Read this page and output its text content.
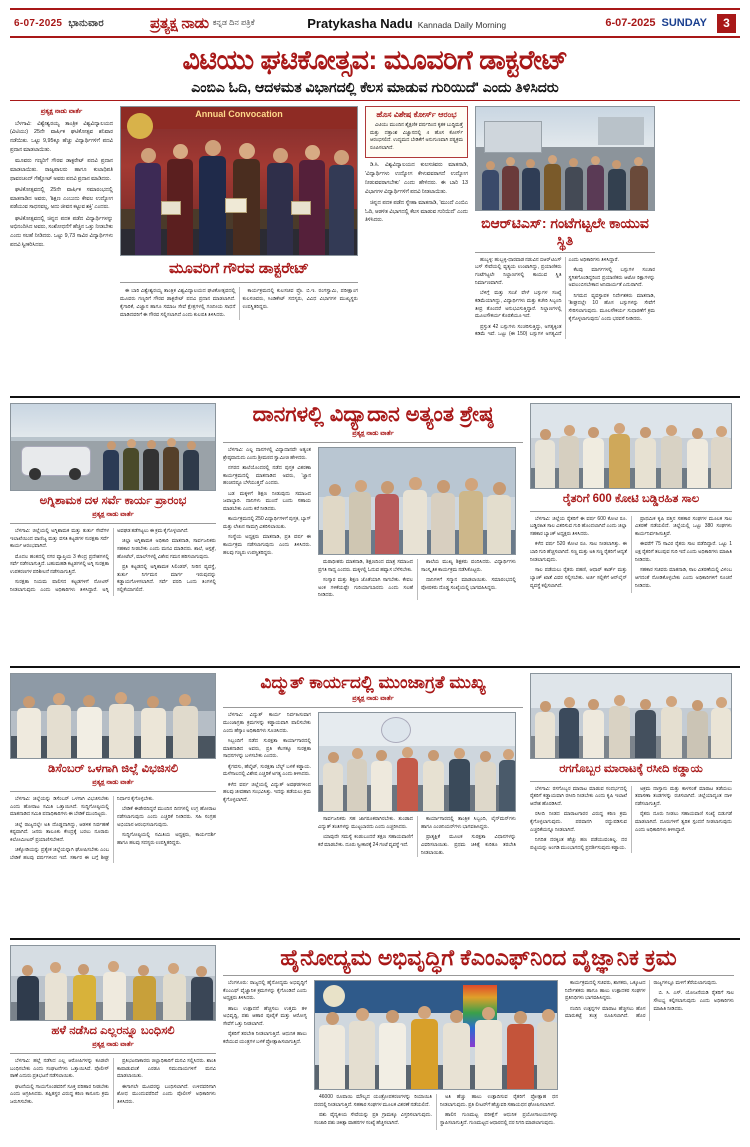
6-07-2025 ಭಾನುವಾರ	ಪ್ರತ್ಯಕ್ಷ ನಾಡು ಕನ್ನಡ ದಿನ ಪತ್ರಿಕೆ	Pratykasha Nadu Kannada Daily Morning	6-07-2025 SUNDAY	3
ವಿಟಿಯು ಘಟಿಕೋತ್ಸವ: ಮೂವರಿಗೆ ಡಾಕ್ಟರೇಟ್
ಎಂಬಿಎ ಓದಿ, ಆದಳಮತ ವಿಭಾಗದಲ್ಲಿ ಕೆಲಸ ಮಾಡುವ ಗುರಿಯಿದೆ' ಎಂದು ತಿಳಿಸಿದರು
ಪ್ರತ್ಯಕ್ಷ ನಾಡು ವಾರ್ತೆ

ಬೆಳಗಾವಿ: ವಿಶ್ವೇಶ್ವರಯ್ಯ ತಾಂತ್ರಿಕ ವಿಶ್ವವಿದ್ಯಾಲಯದ (ವಿಟಿಯು) 25ನೇ ವಾರ್ಷಿಕ ಘಟಿಕೋತ್ಸವ ಶನಿವಾರ ನಡೆಯಿತು. ಒಟ್ಟು 9,95ಕ್ಕೂ ಹೆಚ್ಚು ವಿದ್ಯಾರ್ಥಿಗಳಿಗೆ ಪದವಿ ಪ್ರದಾನ ಮಾಡಲಾಯಿತು.

ಮೂವರು ಗಣ್ಯರಿಗೆ ಗೌರವ ಡಾಕ್ಟರೇಟ್ ಪದವಿ ಪ್ರದಾನ ಮಾಡಲಾಯಿತು. ರಾಜ್ಯಪಾಲರು ಹಾಗೂ ಕುಲಾಧಿಪತಿ ಥಾವರಚಂದ್ ಗೆಹ್ಲೋಟ್ ಅವರು ಪದವಿ ಪ್ರದಾನ ಮಾಡಿದರು.

ಘಟಿಕೋತ್ಸವದಲ್ಲಿ 25ನೇ ವಾರ್ಷಿಕ ಸಮಾರಂಭದಲ್ಲಿ ಮಾತನಾಡಿದ ಅವರು, 'ಶಿಕ್ಷಣ ಎಂಬುದು ಕೇವಲ ಉದ್ಯೋಗ ಪಡೆಯುವ ಸಾಧನವಲ್ಲ, ಅದು ಜೀವನ ಕಟ್ಟುವ ಶಕ್ತಿ' ಎಂದರು.

ಘಟಿಕೋತ್ಸವದಲ್ಲಿ ಚಿನ್ನದ ಪದಕ ಪಡೆದ ವಿದ್ಯಾರ್ಥಿಗಳನ್ನು ಅಭಿನಂದಿಸಿದ ಅವರು, ಸಂಶೋಧನೆಗೆ ಹೆಚ್ಚಿನ ಒತ್ತು ನೀಡಬೇಕು ಎಂದು ಸಲಹೆ ನೀಡಿದರು. ಒಟ್ಟು 9,73 ಸಾವಿರ ವಿದ್ಯಾರ್ಥಿಗಳು ಪದವಿ ಸ್ವೀಕರಿಸಿದರು.

Annual Convocation
ಮೂವರಿಗೆ ಗೌರವ ಡಾಕ್ಟರೇಟ್

ಈ ಬಾರಿ ವಿಶ್ವೇಶ್ವರಯ್ಯ ತಾಂತ್ರಿಕ ವಿಶ್ವವಿದ್ಯಾಲಯದ ಘಟಿಕೋತ್ಸವದಲ್ಲಿ ಮೂವರು ಗಣ್ಯರಿಗೆ ಗೌರವ ಡಾಕ್ಟರೇಟ್ ಪದವಿ ಪ್ರದಾನ ಮಾಡಲಾಗಿದೆ. ಕೈಗಾರಿಕೆ, ವಿಜ್ಞಾನ ಹಾಗೂ ಸಮಾಜ ಸೇವೆ ಕ್ಷೇತ್ರಗಳಲ್ಲಿ ಗಣನೀಯ ಸಾಧನೆ ಮಾಡಿದವರಿಗೆ ಈ ಗೌರವ ಸಲ್ಲಿಸಲಾಗಿದೆ ಎಂದು ಕುಲಪತಿ ತಿಳಿಸಿದರು.

ಕಾರ್ಯಕ್ರಮದಲ್ಲಿ ಕುಲಸಚಿವ ಪ್ರೊ. ಬಿ.ಇ. ರಂಗಸ್ವಾಮಿ, ಪರೀಕ್ಷಾಂಗ ಕುಲಸಚಿವರು, ಸಿಂಡಿಕೇಟ್ ಸದಸ್ಯರು, ವಿವಿಧ ವಿಭಾಗಗಳ ಮುಖ್ಯಸ್ಥರು ಉಪಸ್ಥಿತರಿದ್ದರು.

ಹೊಸ ವಿಶೇಷ ಕೋರ್ಸ್ ಆರಂಭ

ವಿಟಿಯು ಮುಂದಿನ ಶೈಕ್ಷಣಿಕ ವರ್ಷದಿಂದ ಕೃತಕ ಬುದ್ಧಿಮತ್ತೆ ಮತ್ತು ದತ್ತಾಂಶ ವಿಜ್ಞಾನದಲ್ಲಿ 4 ಹೊಸ ಕೋರ್ಸ್ ಆರಂಭಿಸಲಿದೆ. ಉದ್ಯಮದ ಬೇಡಿಕೆಗೆ ಅನುಗುಣವಾಗಿ ಪಠ್ಯಕ್ರಮ ರೂಪಿಸಲಾಗಿದೆ.

ಡಿ.ಸಿ. ವಿಶ್ವವಿದ್ಯಾಲಯದ ಕುಲಸಚಿವರು ಮಾತನಾಡಿ, 'ವಿದ್ಯಾರ್ಥಿಗಳು ಉದ್ಯೋಗ ಕೇಳುವವರಾಗದೆ ಉದ್ಯೋಗ ನೀಡುವವರಾಗಬೇಕು' ಎಂದು ಹೇಳಿದರು. ಈ ಬಾರಿ 13 ವಿಭಾಗಗಳ ವಿದ್ಯಾರ್ಥಿಗಳಿಗೆ ಪದವಿ ನೀಡಲಾಯಿತು.

ಚಿನ್ನದ ಪದಕ ಪಡೆದ ಸ್ನೇಹಾ ಮಾತನಾಡಿ, 'ಮುಂದೆ ಎಂಬಿಎ ಓದಿ, ಆಡಳಿತ ವಿಭಾಗದಲ್ಲಿ ಕೆಲಸ ಮಾಡುವ ಗುರಿಯಿದೆ' ಎಂದು ತಿಳಿಸಿದರು.	ಬಿಆರ್‌ಟಿಎಸ್: ಗಂಟೆಗಟ್ಟಲೇ ಕಾಯುವ ಸ್ಥಿತಿ

ಹುಬ್ಬಳ್ಳಿ: ಹುಬ್ಬಳ್ಳಿ-ಧಾರವಾಡ ನಡುವಿನ ಬಿಆರ್‌ಟಿಎಸ್ ಬಸ್ ಸೇವೆಯಲ್ಲಿ ವ್ಯತ್ಯಯ ಉಂಟಾಗಿದ್ದು, ಪ್ರಯಾಣಿಕರು ಗಂಟೆಗಟ್ಟಲೇ ನಿಲ್ದಾಣಗಳಲ್ಲಿ ಕಾಯುವ ಸ್ಥಿತಿ ನಿರ್ಮಾಣವಾಗಿದೆ.

ಬೆಳಿಗ್ಗೆ ಮತ್ತು ಸಂಜೆ ವೇಳೆ ಬಸ್ಸುಗಳ ಸಂಖ್ಯೆ ಕಡಿಮೆಯಾಗಿದ್ದು, ವಿದ್ಯಾರ್ಥಿಗಳು ಮತ್ತು ಕಚೇರಿ ಸಿಬ್ಬಂದಿ ತೀವ್ರ ತೊಂದರೆ ಅನುಭವಿಸುತ್ತಿದ್ದಾರೆ. ನಿಲ್ದಾಣಗಳಲ್ಲಿ ಮೂಲಸೌಕರ್ಯ ಕೊರತೆಯೂ ಇದೆ.

ಪ್ರಸ್ತುತ 42 ಬಸ್ಸುಗಳು ಸಂಚರಿಸುತ್ತಿದ್ದು, ಅಗತ್ಯಕ್ಕಿಂತ ಕಡಿಮೆ ಇವೆ. ಒಟ್ಟು (ಈ 150) ಬಸ್ಸುಗಳ ಅಗತ್ಯವಿದೆ ಎಂದು ಅಧಿಕಾರಿಗಳು ತಿಳಿಸಿದ್ದಾರೆ.

ಕೆಲವು ಮಾರ್ಗಗಳಲ್ಲಿ ಬಸ್ಸುಗಳ ಸಂಚಾರ ಸ್ಥಗಿತಗೊಂಡಿದ್ದರಿಂದ ಪ್ರಯಾಣಿಕರು ಆಟೋ ರಿಕ್ಷಾಗಳನ್ನು ಅವಲಂಬಿಸಬೇಕಾದ ಅನಿವಾರ್ಯತೆ ಎದುರಾಗಿದೆ.

ನಿಗಮದ ವ್ಯವಸ್ಥಾಪಕ ನಿರ್ದೇಶಕರು ಮಾತನಾಡಿ, 'ಶೀಘ್ರದಲ್ಲೇ 10 ಹೊಸ ಬಸ್ಸುಗಳನ್ನು ಸೇವೆಗೆ ಸೇರಿಸಲಾಗುವುದು. ಮೂಲಸೌಕರ್ಯ ಸುಧಾರಣೆಗೆ ಕ್ರಮ ಕೈಗೊಳ್ಳಲಾಗುವುದು' ಎಂದು ಭರವಸೆ ನೀಡಿದರು.

ಅಗ್ನಿಶಾಮಕ ದಳ ಸರ್ವೆ ಕಾರ್ಯ ಪ್ರಾರಂಭ
ಪ್ರತ್ಯಕ್ಷ ನಾಡು ವಾರ್ತೆ

ಬೆಳಗಾವಿ: ಜಿಲ್ಲೆಯಲ್ಲಿ ಅಗ್ನಿಶಾಮಕ ಮತ್ತು ತುರ್ತು ಸೇವೆಗಳ ಇಲಾಖೆಯಿಂದ ವಾಣಿಜ್ಯ ಮತ್ತು ವಸತಿ ಕಟ್ಟಡಗಳ ಸುರಕ್ಷತಾ ಸರ್ವೆ ಕಾರ್ಯ ಆರಂಭವಾಗಿದೆ.

ಮೊದಲ ಹಂತದಲ್ಲಿ ನಗರ ವ್ಯಾಪ್ತಿಯ 3 ಕೇಂದ್ರ ಪ್ರದೇಶಗಳಲ್ಲಿ ಸರ್ವೆ ನಡೆಸಲಾಗುತ್ತಿದೆ. ಬಹುಮಹಡಿ ಕಟ್ಟಡಗಳಲ್ಲಿ ಅಗ್ನಿ ಸುರಕ್ಷತಾ ಉಪಕರಣಗಳ ಪರಿಶೀಲನೆ ನಡೆಸಲಾಗುತ್ತಿದೆ.

ಸುರಕ್ಷತಾ ನಿಯಮ ಪಾಲಿಸದ ಕಟ್ಟಡಗಳಿಗೆ ನೋಟಿಸ್ ನೀಡಲಾಗುವುದು ಎಂದು ಅಧಿಕಾರಿಗಳು ತಿಳಿಸಿದ್ದಾರೆ. ಅಗ್ನಿ ಅವಘಡ ತಡೆಗಟ್ಟಲು ಈ ಕ್ರಮ ಕೈಗೊಳ್ಳಲಾಗಿದೆ.

ಜಿಲ್ಲಾ ಅಗ್ನಿಶಾಮಕ ಅಧಿಕಾರಿ ಮಾತನಾಡಿ, ಸಾರ್ವಜನಿಕರು ಸಹಕಾರ ನೀಡಬೇಕು ಎಂದು ಮನವಿ ಮಾಡಿದರು. ಶಾಲೆ, ಆಸ್ಪತ್ರೆ, ಹೋಟೆಲ್, ಮಾಲ್‌ಗಳಲ್ಲಿ ವಿಶೇಷ ಗಮನ ಹರಿಸಲಾಗುವುದು.

ಪ್ರತಿ ಕಟ್ಟಡದಲ್ಲಿ ಅಗ್ನಿಶಾಮಕ ಸಿಲಿಂಡರ್, ನೀರಿನ ವ್ಯವಸ್ಥೆ, ತುರ್ತು ನಿರ್ಗಮನ ಮಾರ್ಗ ಇರುವುದನ್ನು ಕಡ್ಡಾಯಗೊಳಿಸಲಾಗಿದೆ. ಸರ್ವೆ ವರದಿ ಒಂದು ತಿಂಗಳಲ್ಲಿ ಸಲ್ಲಿಕೆಯಾಗಲಿದೆ.

ದಾನಗಳಲ್ಲಿ ವಿದ್ಯಾದಾನ ಅತ್ಯಂತ ಶ್ರೇಷ್ಠ
ಪ್ರತ್ಯಕ್ಷ ನಾಡು ವಾರ್ತೆ

ಬೆಳಗಾವಿ: ಎಲ್ಲ ದಾನಗಳಲ್ಲಿ ವಿದ್ಯಾದಾನವೇ ಅತ್ಯಂತ ಶ್ರೇಷ್ಠವಾದುದು ಎಂದು ಶ್ರೀಮಠದ ಸ್ವಾಮೀಜಿ ಹೇಳಿದರು.

ನಗರದ ಶಾಲೆಯೊಂದರಲ್ಲಿ ನಡೆದ ಪುಸ್ತಕ ವಿತರಣಾ ಕಾರ್ಯಕ್ರಮದಲ್ಲಿ ಮಾತನಾಡಿದ ಅವರು, 'ಜ್ಞಾನ ಹಂಚಿದಷ್ಟೂ ಬೆಳೆಯುತ್ತದೆ' ಎಂದರು.

ಬಡ ಮಕ್ಕಳಿಗೆ ಶಿಕ್ಷಣ ನೀಡುವುದು ಸಮಾಜದ ಜವಾಬ್ದಾರಿ. ದಾನಿಗಳು ಮುಂದೆ ಬಂದು ಸಹಾಯ ಮಾಡಬೇಕು ಎಂದು ಕರೆ ನೀಡಿದರು.

ಕಾರ್ಯಕ್ರಮದಲ್ಲಿ 250 ವಿದ್ಯಾರ್ಥಿಗಳಿಗೆ ಪುಸ್ತಕ, ಬ್ಯಾಗ್ ಮತ್ತು ಲೇಖನ ಸಾಮಗ್ರಿ ವಿತರಿಸಲಾಯಿತು.

ಸಂಸ್ಥೆಯ ಅಧ್ಯಕ್ಷರು ಮಾತನಾಡಿ, ಪ್ರತಿ ವರ್ಷ ಈ ಕಾರ್ಯಕ್ರಮ ನಡೆಸಲಾಗುವುದು ಎಂದು ತಿಳಿಸಿದರು. ಹಲವು ಗಣ್ಯರು ಉಪಸ್ಥಿತರಿದ್ದರು.

ಮಠಾಧೀಶರು ಮಾತನಾಡಿ, ಶಿಕ್ಷಣದಿಂದ ಮಾತ್ರ ಸಮಾಜದ ಪ್ರಗತಿ ಸಾಧ್ಯ ಎಂದರು. ಮಕ್ಕಳಲ್ಲಿ ಓದುವ ಹವ್ಯಾಸ ಬೆಳೆಸಬೇಕು.

ಸಂಸ್ಕಾರ ಮತ್ತು ಶಿಕ್ಷಣ ಜೊತೆಯಾಗಿ ಸಾಗಬೇಕು. ಕೇವಲ ಅಂಕ ಗಳಿಕೆಯಷ್ಟೇ ಗುರಿಯಾಗಬಾರದು ಎಂದು ಸಲಹೆ ನೀಡಿದರು.

ಶಾಲೆಯ ಮುಖ್ಯ ಶಿಕ್ಷಕರು ವಂದಿಸಿದರು. ವಿದ್ಯಾರ್ಥಿಗಳು ಸಾಂಸ್ಕೃತಿಕ ಕಾರ್ಯಕ್ರಮ ನಡೆಸಿಕೊಟ್ಟರು.

ದಾನಿಗಳಿಗೆ ಸನ್ಮಾನ ಮಾಡಲಾಯಿತು. ಸಮಾರಂಭದಲ್ಲಿ ಪೋಷಕರು ದೊಡ್ಡ ಸಂಖ್ಯೆಯಲ್ಲಿ ಭಾಗವಹಿಸಿದ್ದರು.

ರೈತರಿಗೆ 600 ಕೋಟಿ ಬಡ್ಡಿರಹಿತ ಸಾಲ

ಬೆಳಗಾವಿ: ಜಿಲ್ಲೆಯ ರೈತರಿಗೆ ಈ ವರ್ಷ 600 ಕೋಟಿ ರೂ. ಬಡ್ಡಿರಹಿತ ಸಾಲ ವಿತರಿಸುವ ಗುರಿ ಹೊಂದಲಾಗಿದೆ ಎಂದು ಜಿಲ್ಲಾ ಸಹಕಾರ ಬ್ಯಾಂಕ್ ಅಧ್ಯಕ್ಷರು ತಿಳಿಸಿದರು.

ಕಳೆದ ವರ್ಷ 520 ಕೋಟಿ ರೂ. ಸಾಲ ನೀಡಲಾಗಿತ್ತು. ಈ ಬಾರಿ ಗುರಿ ಹೆಚ್ಚಿಸಲಾಗಿದೆ. ಸಣ್ಣ ಮತ್ತು ಅತಿ ಸಣ್ಣ ರೈತರಿಗೆ ಆದ್ಯತೆ ನೀಡಲಾಗುವುದು.

ಸಾಲ ಪಡೆಯಲು ರೈತರು ಪಹಣಿ, ಆಧಾರ್ ಕಾರ್ಡ್ ಮತ್ತು ಬ್ಯಾಂಕ್ ಖಾತೆ ವಿವರ ಸಲ್ಲಿಸಬೇಕು. ಅರ್ಜಿ ಸಲ್ಲಿಕೆಗೆ ಆನ್‌ಲೈನ್ ವ್ಯವಸ್ಥೆ ಕಲ್ಪಿಸಲಾಗಿದೆ.

ಪ್ರಾಥಮಿಕ ಕೃಷಿ ಪತ್ತಿನ ಸಹಕಾರ ಸಂಘಗಳ ಮೂಲಕ ಸಾಲ ವಿತರಣೆ ನಡೆಯಲಿದೆ. ಜಿಲ್ಲೆಯಲ್ಲಿ ಒಟ್ಟು 380 ಸಂಘಗಳು ಕಾರ್ಯನಿರ್ವಹಿಸುತ್ತಿವೆ.

ಈವರೆಗೆ 75 ಸಾವಿರ ರೈತರು ಸಾಲ ಪಡೆದಿದ್ದಾರೆ. ಒಟ್ಟು 1 ಲಕ್ಷ ರೈತರಿಗೆ ತಲುಪುವ ಗುರಿ ಇದೆ ಎಂದು ಅಧಿಕಾರಿಗಳು ಮಾಹಿತಿ ನೀಡಿದರು.

ಸಹಕಾರ ಸಚಿವರು ಮಾತನಾಡಿ, ಸಾಲ ವಿತರಣೆಯಲ್ಲಿ ವಿಳಂಬ ಆಗದಂತೆ ನೋಡಿಕೊಳ್ಳಬೇಕು ಎಂದು ಅಧಿಕಾರಿಗಳಿಗೆ ಸೂಚನೆ ನೀಡಿದರು.

ಡಿಸೆಂಬರ್ ಒಳಗಾಗಿ ಜಿಲ್ಲೆ ವಿಭಜಿಸಲಿ
ಪ್ರತ್ಯಕ್ಷ ನಾಡು ವಾರ್ತೆ

ಬೆಳಗಾವಿ: ಜಿಲ್ಲೆಯನ್ನು ಡಿಸೆಂಬರ್ ಒಳಗಾಗಿ ವಿಭಜಿಸಬೇಕು ಎಂದು ಹೋರಾಟ ಸಮಿತಿ ಒತ್ತಾಯಿಸಿದೆ. ಸುದ್ದಿಗೋಷ್ಠಿಯಲ್ಲಿ ಮಾತನಾಡಿದ ಸಮಿತಿ ಪದಾಧಿಕಾರಿಗಳು ಈ ಬೇಡಿಕೆ ಮುಂದಿಟ್ಟರು.

ಜಿಲ್ಲೆ ರಾಜ್ಯದಲ್ಲೇ ಅತಿ ದೊಡ್ಡದಾಗಿದ್ದು, ಆಡಳಿತ ನಿರ್ವಹಣೆ ಕಷ್ಟವಾಗಿದೆ. ಜನರು ತಾಲೂಕು ಕೇಂದ್ರಕ್ಕೆ ಬರಲು ನೂರಾರು ಕಿಲೋಮೀಟರ್ ಪ್ರಯಾಣಿಸಬೇಕಿದೆ.

ಚಿಕ್ಕೋಡಿಯನ್ನು ಪ್ರತ್ಯೇಕ ಜಿಲ್ಲೆಯನ್ನಾಗಿ ಘೋಷಿಸಬೇಕು ಎಂಬ ಬೇಡಿಕೆ ಹಲವು ವರ್ಷಗಳಿಂದ ಇದೆ. ಸರ್ಕಾರ ಈ ಬಗ್ಗೆ ಶೀಘ್ರ ನಿರ್ಧಾರ ಕೈಗೊಳ್ಳಬೇಕು.

ಬೇಡಿಕೆ ಈಡೇರದಿದ್ದರೆ ಮುಂದಿನ ದಿನಗಳಲ್ಲಿ ಉಗ್ರ ಹೋರಾಟ ನಡೆಸಲಾಗುವುದು ಎಂದು ಎಚ್ಚರಿಕೆ ನೀಡಿದರು. ಸಹಿ ಸಂಗ್ರಹ ಅಭಿಯಾನ ಆರಂಭಿಸಲಾಗುವುದು.

ಸುದ್ದಿಗೋಷ್ಠಿಯಲ್ಲಿ ಸಮಿತಿಯ ಅಧ್ಯಕ್ಷರು, ಕಾರ್ಯದರ್ಶಿ ಹಾಗೂ ಹಲವು ಸದಸ್ಯರು ಉಪಸ್ಥಿತರಿದ್ದರು.

ವಿದ್ಮುತ್ ಕಾರ್ಯದಲ್ಲಿ ಮುಂಜಾಗ್ರತೆ ಮುಖ್ಯ
ಪ್ರತ್ಯಕ್ಷ ನಾಡು ವಾರ್ತೆ

ಬೆಳಗಾವಿ: ವಿದ್ಯುತ್ ಕಾರ್ಯ ನಿರ್ವಹಿಸುವಾಗ ಮುಂಜಾಗ್ರತಾ ಕ್ರಮಗಳನ್ನು ಕಡ್ಡಾಯವಾಗಿ ಪಾಲಿಸಬೇಕು ಎಂದು ಹೆಸ್ಕಾಂ ಅಧಿಕಾರಿಗಳು ಸೂಚಿಸಿದರು.

ಸಿಬ್ಬಂದಿಗೆ ನಡೆದ ಸುರಕ್ಷತಾ ಕಾರ್ಯಾಗಾರದಲ್ಲಿ ಮಾತನಾಡಿದ ಅವರು, ಪ್ರತಿ ಕೆಲಸಕ್ಕೂ ಸುರಕ್ಷತಾ ಸಾಧನಗಳನ್ನು ಬಳಸಬೇಕು ಎಂದರು.

ಕೈಗವಸು, ಹೆಲ್ಮೆಟ್, ಸುರಕ್ಷತಾ ಬೆಲ್ಟ್ ಬಳಕೆ ಕಡ್ಡಾಯ. ಮಳೆಗಾಲದಲ್ಲಿ ವಿಶೇಷ ಎಚ್ಚರಿಕೆ ಅಗತ್ಯ ಎಂದು ತಿಳಿಸಿದರು.

ಕಳೆದ ವರ್ಷ ಜಿಲ್ಲೆಯಲ್ಲಿ ವಿದ್ಯುತ್ ಅವಘಡಗಳಿಂದ ಹಲವು ಜೀವಹಾನಿ ಸಂಭವಿಸಿತ್ತು. ಇದನ್ನು ತಡೆಯಲು ಕ್ರಮ ಕೈಗೊಳ್ಳಲಾಗಿದೆ.

ಸಾರ್ವಜನಿಕರು ಸಹ ಜಾಗರೂಕರಾಗಿರಬೇಕು. ತುಂಡಾದ ವಿದ್ಯುತ್ ತಂತಿಗಳನ್ನು ಮುಟ್ಟಬಾರದು ಎಂದು ಎಚ್ಚರಿಸಿದರು.

ಯಾವುದೇ ಸಮಸ್ಯೆ ಕಂಡುಬಂದರೆ ತಕ್ಷಣ ಸಹಾಯವಾಣಿಗೆ ಕರೆ ಮಾಡಬೇಕು. ದೂರು ಸ್ವೀಕಾರಕ್ಕೆ 24 ಗಂಟೆ ವ್ಯವಸ್ಥೆ ಇದೆ.

ಕಾರ್ಯಾಗಾರದಲ್ಲಿ ತಾಂತ್ರಿಕ ಸಿಬ್ಬಂದಿ, ಲೈನ್‌ಮನ್‌ಗಳು ಹಾಗೂ ಎಂಜಿನಿಯರ್‌ಗಳು ಭಾಗವಹಿಸಿದ್ದರು.

ಪ್ರಾತ್ಯಕ್ಷಿಕೆ ಮೂಲಕ ಸುರಕ್ಷತಾ ವಿಧಾನಗಳನ್ನು ವಿವರಿಸಲಾಯಿತು. ಪ್ರಥಮ ಚಿಕಿತ್ಸೆ ಕುರಿತೂ ತರಬೇತಿ ನೀಡಲಾಯಿತು.

ರಗಗೊಬ್ಬರ ಮಾರಾಟಕ್ಕೆ ರಸೀದಿ ಕಡ್ಡಾಯ

ಬೆಳಗಾವಿ: ರಸಗೊಬ್ಬರ ಮಾರಾಟ ಮಾಡುವ ಸಂದರ್ಭದಲ್ಲಿ ರೈತರಿಗೆ ಕಡ್ಡಾಯವಾಗಿ ರಸೀದಿ ನೀಡಬೇಕು ಎಂದು ಕೃಷಿ ಇಲಾಖೆ ಆದೇಶ ಹೊರಡಿಸಿದೆ.

ರಸೀದಿ ನೀಡದ ಮಾರಾಟಗಾರರ ವಿರುದ್ಧ ಕಠಿಣ ಕ್ರಮ ಕೈಗೊಳ್ಳಲಾಗುವುದು. ಪರವಾನಗಿ ರದ್ದುಪಡಿಸುವ ಎಚ್ಚರಿಕೆಯನ್ನೂ ನೀಡಲಾಗಿದೆ.

ನಿಗದಿತ ದರಕ್ಕಿಂತ ಹೆಚ್ಚು ಹಣ ಪಡೆಯುವಂತಿಲ್ಲ. ದರ ಪಟ್ಟಿಯನ್ನು ಅಂಗಡಿ ಮುಂಭಾಗದಲ್ಲಿ ಪ್ರದರ್ಶಿಸುವುದು ಕಡ್ಡಾಯ.

ಅಕ್ರಮ ದಾಸ್ತಾನು ಮತ್ತು ಕಾಳಸಂತೆ ಮಾರಾಟ ತಡೆಯಲು ತಪಾಸಣಾ ತಂಡಗಳನ್ನು ರಚಿಸಲಾಗಿದೆ. ಜಿಲ್ಲೆಯಾದ್ಯಂತ ದಾಳಿ ನಡೆಸಲಾಗುತ್ತಿದೆ.

ರೈತರು ದೂರು ನೀಡಲು ಸಹಾಯವಾಣಿ ಸಂಖ್ಯೆ ಬಿಡುಗಡೆ ಮಾಡಲಾಗಿದೆ. ದೂರುಗಳಿಗೆ ತ್ವರಿತ ಸ್ಪಂದನೆ ನೀಡಲಾಗುವುದು ಎಂದು ಅಧಿಕಾರಿಗಳು ತಿಳಿಸಿದ್ದಾರೆ.

ಹಳೆ ನಡೆಸಿದ ಎಲ್ಲರನ್ನೂ ಬಂಧಿಸಲಿ
ಪ್ರತ್ಯಕ್ಷ ನಾಡು ವಾರ್ತೆ

ಬೆಳಗಾವಿ: ಹಲ್ಲೆ ನಡೆಸಿದ ಎಲ್ಲ ಆರೋಪಿಗಳನ್ನು ಕೂಡಲೇ ಬಂಧಿಸಬೇಕು ಎಂದು ಸಂಘಟನೆಗಳು ಒತ್ತಾಯಿಸಿವೆ. ಪೊಲೀಸ್ ಠಾಣೆ ಎದುರು ಪ್ರತಿಭಟನೆ ನಡೆಸಲಾಯಿತು.

ಘಟನೆಯಲ್ಲಿ ಗಾಯಗೊಂಡವರಿಗೆ ಸೂಕ್ತ ಪರಿಹಾರ ನೀಡಬೇಕು ಎಂದು ಆಗ್ರಹಿಸಿದರು. ತಪ್ಪಿತಸ್ಥರ ವಿರುದ್ಧ ಕಠಿಣ ಕಾನೂನು ಕ್ರಮ ಜರುಗಿಸಬೇಕು.

ಪ್ರತಿಭಟನಾಕಾರರು ಜಿಲ್ಲಾಧಿಕಾರಿಗೆ ಮನವಿ ಸಲ್ಲಿಸಿದರು. ಶಾಂತಿ ಕಾಪಾಡುವಂತೆ ಎರಡೂ ಸಮುದಾಯಗಳಿಗೆ ಮನವಿ ಮಾಡಲಾಯಿತು.

ಈಗಾಗಲೇ ಮೂವರನ್ನು ಬಂಧಿಸಲಾಗಿದೆ. ಉಳಿದವರಿಗಾಗಿ ಶೋಧ ಮುಂದುವರೆದಿದೆ ಎಂದು ಪೊಲೀಸ್ ಅಧಿಕಾರಿಗಳು ತಿಳಿಸಿದರು.

ಹೈನೋದ್ಯಮ ಅಭಿವೃದ್ಧಿಗೆ ಕೆಎಂಎಫ್‌ನಿಂದ ವೈಜ್ಞಾನಿಕ ಕ್ರಮ

ಬೆಂಗಳೂರು: ರಾಜ್ಯದಲ್ಲಿ ಹೈನೋದ್ಯಮ ಅಭಿವೃದ್ಧಿಗೆ ಕೆಎಂಎಫ್ ವೈಜ್ಞಾನಿಕ ಕ್ರಮಗಳನ್ನು ಕೈಗೊಂಡಿದೆ ಎಂದು ಅಧ್ಯಕ್ಷರು ತಿಳಿಸಿದರು.

ಹಾಲು ಉತ್ಪಾದನೆ ಹೆಚ್ಚಿಸಲು ಉತ್ತಮ ತಳಿ ಅಭಿವೃದ್ಧಿ, ಪಶು ಆಹಾರ ಪೂರೈಕೆ ಮತ್ತು ಆರೋಗ್ಯ ಸೇವೆಗೆ ಒತ್ತು ನೀಡಲಾಗಿದೆ.

ರೈತರಿಗೆ ತರಬೇತಿ ನೀಡಲಾಗುತ್ತಿದೆ. ಆಧುನಿಕ ಹಾಲು ಕರೆಯುವ ಯಂತ್ರಗಳ ಬಳಕೆ ಪ್ರೋತ್ಸಾಹಿಸಲಾಗುತ್ತಿದೆ.

46000 ರೂಪಾಯಿ ಮೌಲ್ಯದ ಯಂತ್ರೋಪಕರಣಗಳನ್ನು ರಿಯಾಯಿತಿ ದರದಲ್ಲಿ ನೀಡಲಾಗುತ್ತಿದೆ. ಸಹಕಾರ ಸಂಘಗಳ ಮೂಲಕ ವಿತರಣೆ ನಡೆಯಲಿದೆ.

ಪಶು ವೈದ್ಯಕೀಯ ಸೇವೆಯನ್ನು ಪ್ರತಿ ಗ್ರಾಮಕ್ಕೂ ವಿಸ್ತರಿಸಲಾಗುವುದು. ಸಂಚಾರಿ ಪಶು ಚಿಕಿತ್ಸಾ ವಾಹನಗಳ ಸಂಖ್ಯೆ ಹೆಚ್ಚಿಸಲಾಗಿದೆ.

ಅತಿ ಹೆಚ್ಚು ಹಾಲು ಉತ್ಪಾದಿಸುವ ರೈತರಿಗೆ ಪ್ರೋತ್ಸಾಹ ಧನ ನೀಡಲಾಗುವುದು. ಪ್ರತಿ ಲೀಟರ್‌ಗೆ ಹೆಚ್ಚುವರಿ ಸಹಾಯಧನ ಘೋಷಿಸಲಾಗಿದೆ.

ಹಾಲಿನ ಗುಣಮಟ್ಟ ಪರೀಕ್ಷೆಗೆ ಆಧುನಿಕ ಪ್ರಯೋಗಾಲಯಗಳನ್ನು ಸ್ಥಾಪಿಸಲಾಗುತ್ತಿದೆ. ಗುಣಮಟ್ಟದ ಆಧಾರದಲ್ಲಿ ದರ ನಿಗದಿ ಮಾಡಲಾಗುವುದು.

ಕಾರ್ಯಕ್ರಮದಲ್ಲಿ ಸಚಿವರು, ಶಾಸಕರು, ಒಕ್ಕೂಟದ ನಿರ್ದೇಶಕರು ಹಾಗೂ ಹಾಲು ಉತ್ಪಾದಕರ ಸಂಘಗಳ ಪ್ರತಿನಿಧಿಗಳು ಭಾಗವಹಿಸಿದ್ದರು.

ನಂದಿನಿ ಉತ್ಪನ್ನಗಳ ಮಾರಾಟ ಹೆಚ್ಚಿಸಲು ಹೊಸ ಮಾರುಕಟ್ಟೆ ತಂತ್ರ ರೂಪಿಸಲಾಗಿದೆ. ಹೊರ ರಾಜ್ಯಗಳಲ್ಲೂ ಮಳಿಗೆ ತೆರೆಯಲಾಗುವುದು.

ಬಿ. ಸಿ. ಎಸ್. ಯೋಜನೆಯಡಿ ರೈತರಿಗೆ ಸಾಲ ಸೌಲಭ್ಯ ಕಲ್ಪಿಸಲಾಗುವುದು ಎಂದು ಅಧಿಕಾರಿಗಳು ಮಾಹಿತಿ ನೀಡಿದರು.
